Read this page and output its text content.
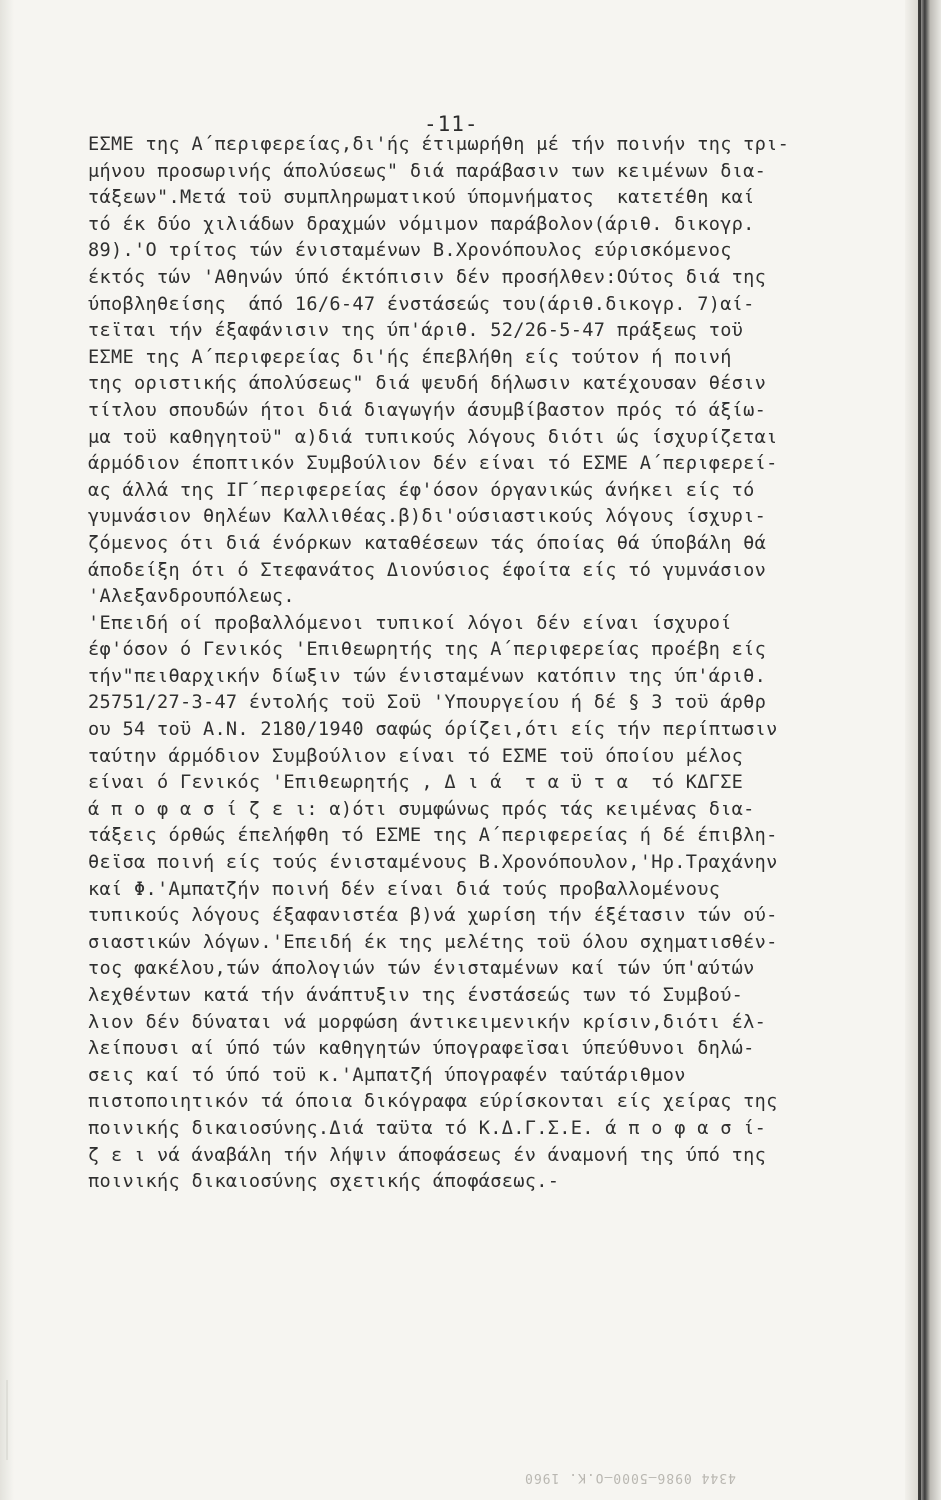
-11-
ΕΣΜΕ της Α΄περιφερείας,δι'ής έτιμωρήθη μέ τήν ποινήν της τρι-
μήνου προσωρινής άπολύσεως" διά παράβασιν των κειμένων δια-
τάξεων".Μετά τοϋ συμπληρωματικού ύπομνήματος  κατετέθη καί
τό έκ δύο χιλιάδων δραχμών νόμιμον παράβολον(άριθ. δικογρ.
89).'Ο τρίτος τών ένισταμένων Β.Χρονόπουλος εύρισκόμενος
έκτός τών 'Αθηνών ύπό έκτόπισιν δέν προσήλθεν:Ούτος διά της
ύποβληθείσης  άπό 16/6-47 ένστάσεώς του(άριθ.δικογρ. 7)αί-
τεϊται τήν έξαφάνισιν της ύπ'άριθ. 52/26-5-47 πράξεως τοϋ
ΕΣΜΕ της Α΄περιφερείας δι'ής έπεβλήθη είς τούτον ή ποινή
της οριστικής άπολύσεως" διά ψευδή δήλωσιν κατέχουσαν θέσιν
τίτλου σπουδών ήτοι διά διαγωγήν άσυμβίβαστον πρός τό άξίω-
μα τοϋ καθηγητοϋ" α)διά τυπικούς λόγους διότι ώς ίσχυρίζεται
άρμόδιον έποπτικόν Συμβούλιον δέν είναι τό ΕΣΜΕ Α΄περιφερεί-
ας άλλά της ΙΓ΄περιφερείας έφ'όσον όργανικώς άνήκει είς τό
γυμνάσιον θηλέων Καλλιθέας.β)δι'ούσιαστικούς λόγους ίσχυρι-
ζόμενος ότι διά ένόρκων καταθέσεων τάς όποίας θά ύποβάλη θά
άποδείξη ότι ό Στεφανάτος Διονύσιος έφοίτα είς τό γυμνάσιον
'Αλεξανδρουπόλεως.
'Επειδή οί προβαλλόμενοι τυπικοί λόγοι δέν είναι ίσχυροί
έφ'όσον ό Γενικός 'Επιθεωρητής της Α΄περιφερείας προέβη είς
τήν"πειθαρχικήν δίωξιν τών ένισταμένων κατόπιν της ύπ'άριθ.
25751/27-3-47 έντολής τοϋ Σοϋ 'Υπουργείου ή δέ § 3 τοϋ άρθρ
ου 54 τοϋ Α.Ν. 2180/1940 σαφώς όρίζει,ότι είς τήν περίπτωσιν
ταύτην άρμόδιον Συμβούλιον είναι τό ΕΣΜΕ τοϋ όποίου μέλος
είναι ό Γενικός 'Επιθεωρητής , Δ ι ά  τ α ϋ τ α  τό ΚΔΓΣΕ
ά π ο φ α σ ί ζ ε ι: α)ότι συμφώνως πρός τάς κειμένας δια-
τάξεις όρθώς έπελήφθη τό ΕΣΜΕ της Α΄περιφερείας ή δέ έπιβλη-
θεϊσα ποινή είς τούς ένισταμένους Β.Χρονόπουλον,'Ηρ.Τραχάνην
καί Φ.'Αμπατζήν ποινή δέν είναι διά τούς προβαλλομένους
τυπικούς λόγους έξαφανιστέα β)νά χωρίση τήν έξέτασιν τών ού-
σιαστικών λόγων.'Επειδή έκ της μελέτης τοϋ όλου σχηματισθέν-
τος φακέλου,τών άπολογιών τών ένισταμένων καί τών ύπ'αύτών
λεχθέντων κατά τήν άνάπτυξιν της ένστάσεώς των τό Συμβού-
λιον δέν δύναται νά μορφώση άντικειμενικήν κρίσιν,διότι έλ-
λείπουσι αί ύπό τών καθηγητών ύπογραφεϊσαι ύπεύθυνοι δηλώ-
σεις καί τό ύπό τοϋ κ.'Αμπατζή ύπογραφέν ταύτάριθμον
πιστοποιητικόν τά όποια δικόγραφα εύρίσκονται είς χείρας της
ποινικής δικαιοσύνης.Διά ταϋτα τό Κ.Δ.Γ.Σ.Ε. ά π ο φ α σ ί-
ζ ε ι νά άναβάλη τήν λήψιν άποφάσεως έν άναμονή της ύπό της
ποινικής δικαιοσύνης σχετικής άποφάσεως.-
4344 0986—5000—Ο.Κ. 1960
